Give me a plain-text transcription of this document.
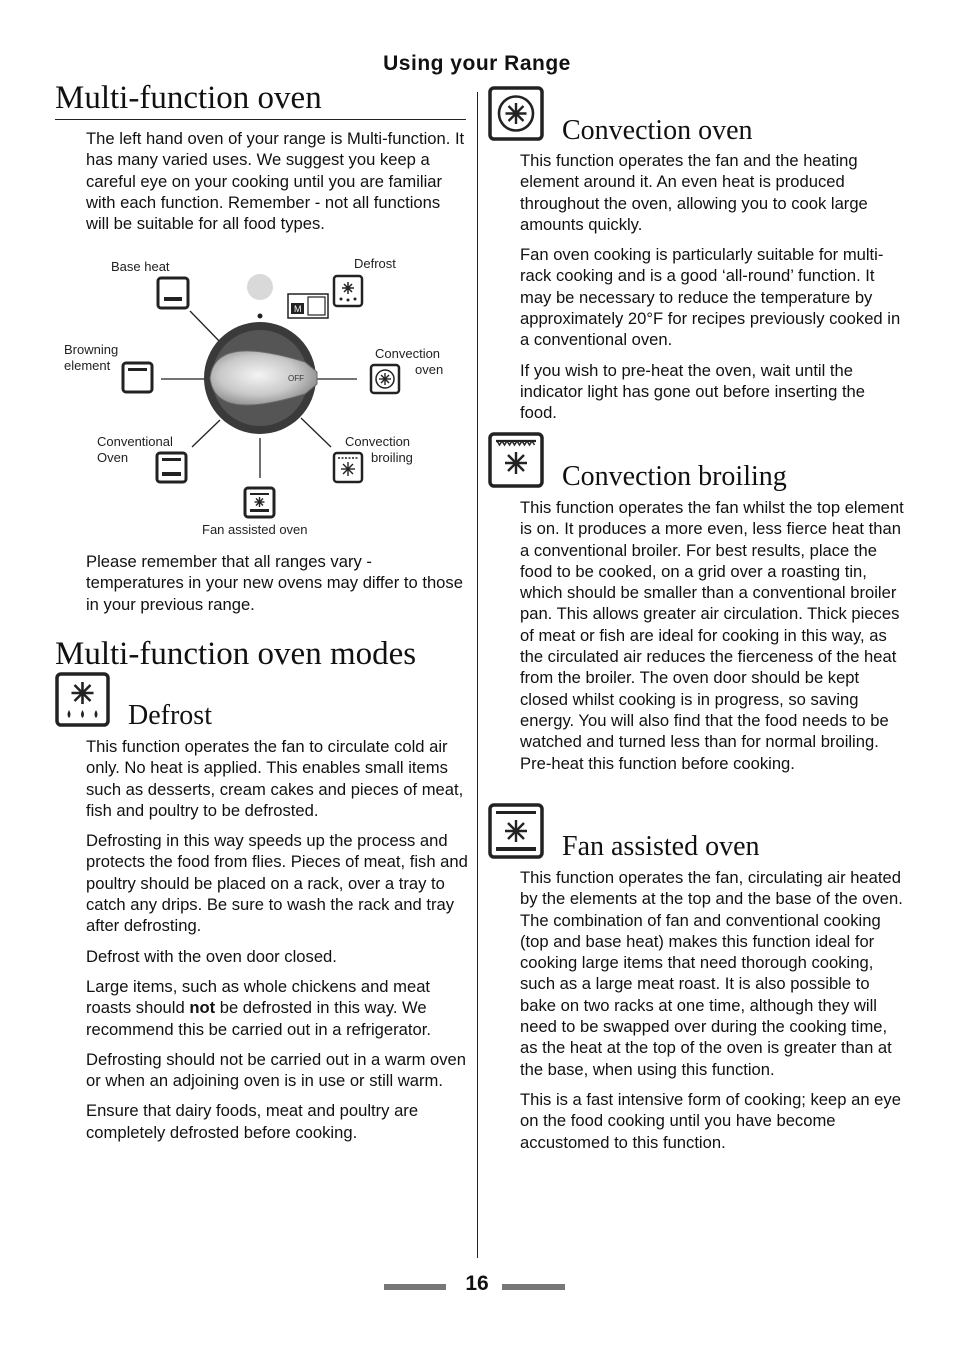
Using your Range
Multi-function oven

The left hand oven of your range is Multi-function. It has many varied uses. We suggest you keep a careful eye on your cooking until you are familiar with each function. Remember - not all functions will be suitable for all food types.

OFF
M
Base heat	Defrost
Browning
element
Convection
oven
Conventional
Oven
Convection
broiling
Fan assisted oven

Please remember that all ranges vary - temperatures in your new ovens may differ to those in your previous range.

Multi-function oven modes
Defrost

This function operates the fan to circulate cold air only. No heat is applied. This enables small items such as desserts, cream cakes and pieces of meat, fish and poultry to be defrosted.

Defrosting in this way speeds up the process and protects the food from flies. Pieces of meat, fish and poultry should be placed on a rack, over a tray to catch any drips. Be sure to wash the rack and tray after defrosting.

Defrost with the oven door closed.

Large items, such as whole chickens and meat roasts should not be defrosted in this way. We recommend this be carried out in a refrigerator.

Defrosting should not be carried out in a warm oven or when an adjoining oven is in use or still warm.

Ensure that dairy foods, meat and poultry are completely defrosted before cooking.

Convection oven

This function operates the fan and the heating element around it. An even heat is produced throughout the oven, allowing you to cook large amounts quickly.

Fan oven cooking is particularly suitable for multi-rack cooking and is a good ‘all-round’ function. It may be necessary to reduce the temperature by approximately 20°F for recipes previously cooked in a conventional oven.

If you wish to pre-heat the oven, wait until the indicator light has gone out before inserting the food.

Convection broiling

This function operates the fan whilst the top element is on. It produces a more even, less fierce heat than a conventional broiler. For best results, place the food to be cooked, on a grid over a roasting tin, which should be smaller than a conventional broiler pan. This allows greater air circulation. Thick pieces of meat or fish are ideal for cooking in this way, as the circulated air reduces the fierceness of the heat from the broiler. The oven door should be kept closed whilst cooking is in progress, so saving energy. You will also find that the food needs to be watched and turned less than for normal broiling. Pre-heat this function before cooking.

Fan assisted oven

This function operates the fan, circulating air heated by the elements at the top and the base of the oven. The combination of fan and conventional cooking (top and base heat) makes this function ideal for cooking large items that need thorough cooking, such as a large meat roast. It is also possible to bake on two racks at one time, although they will need to be swapped over during the cooking time, as the heat at the top of the oven is greater than at the base, when using this function.

This is a fast intensive form of cooking; keep an eye on the food cooking until you have become accustomed to this function.

16
